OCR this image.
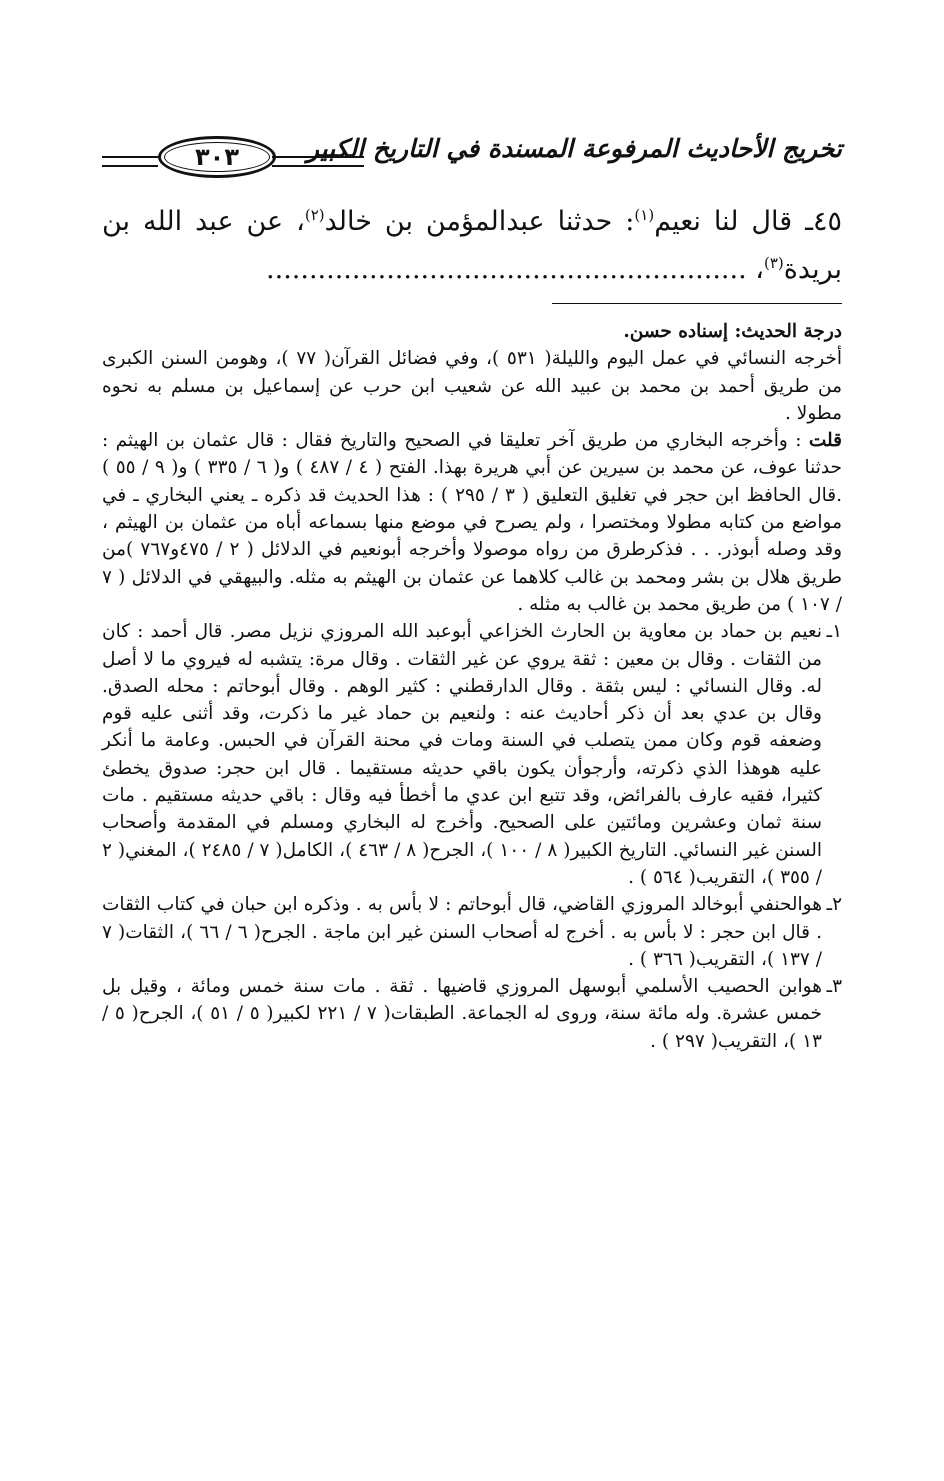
تخريج الأحاديث المرفوعة المسندة في التاريخ الكبير
٣٠٣
٤٥ـ قال لنا نعيم$^{(١)}$: حدثنا عبدالمؤمن بن خالد$^{(٢)}$، عن عبد الله بن بريدة$^{(٣)}$، ........................................................

درجة الحديث: إسناده حسن.

أخرجه النسائي في عمل اليوم والليلة( ٥٣١ )، وفي فضائل القرآن( ٧٧ )، وهومن السنن الكبرى من طريق أحمد بن محمد بن عبيد الله عن شعيب ابن حرب عن إسماعيل بن مسلم به نحوه مطولا .

قلت : وأخرجه البخاري من طريق آخر تعليقا في الصحيح والتاريخ فقال : قال عثمان بن الهيثم : حدثنا عوف، عن محمد بن سيرين عن أبي هريرة بهذا. الفتح ( ٤ / ٤٨٧ ) و( ٦ / ٣٣٥ ) و( ٩ / ٥٥ ) .قال الحافظ ابن حجر في تغليق التعليق ( ٣ / ٢٩٥ ) : هذا الحديث قد ذكره ـ يعني البخاري ـ في مواضع من كتابه مطولا ومختصرا ، ولم يصرح في موضع منها بسماعه أباه من عثمان بن الهيثم ، وقد وصله أبوذر. . . فذكرطرق من رواه موصولا وأخرجه أبونعيم في الدلائل ( ٢ / ٤٧٥و٧٦٧ )من طريق هلال بن بشر ومحمد بن غالب كلاهما عن عثمان بن الهيثم به مثله. والبيهقي في الدلائل ( ٧ / ١٠٧ ) من طريق محمد بن غالب به مثله .

١ـ
نعيم بن حماد بن معاوية بن الحارث الخزاعي أبوعبد الله المروزي نزيل مصر. قال أحمد : كان من الثقات . وقال بن معين : ثقة يروي عن غير الثقات . وقال مرة: يتشبه له فيروي ما لا أصل له. وقال النسائي : ليس بثقة . وقال الدارقطني : كثير الوهم . وقال أبوحاتم : محله الصدق. وقال بن عدي بعد أن ذكر أحاديث عنه : ولنعيم بن حماد غير ما ذكرت، وقد أثنى عليه قوم وضعفه قوم وكان ممن يتصلب في السنة ومات في محنة القرآن في الحبس. وعامة ما أنكر عليه هوهذا الذي ذكرته، وأرجوأن يكون باقي حديثه مستقيما . قال ابن حجر: صدوق يخطئ كثيرا، فقيه عارف بالفرائض، وقد تتبع ابن عدي ما أخطأ فيه وقال : باقي حديثه مستقيم . مات سنة ثمان وعشرين ومائتين على الصحيح. وأخرج له البخاري ومسلم في المقدمة وأصحاب السنن غير النسائي. التاريخ الكبير( ٨ / ١٠٠ )، الجرح( ٨ / ٤٦٣ )، الكامل( ٧ / ٢٤٨٥ )، المغني( ٢ / ٣٥٥ )، التقريب( ٥٦٤ ) .

٢ـ
هوالحنفي أبوخالد المروزي القاضي، قال أبوحاتم : لا بأس به . وذكره ابن حبان في كتاب الثقات . قال ابن حجر : لا بأس به . أخرج له أصحاب السنن غير ابن ماجة . الجرح( ٦ / ٦٦ )، الثقات( ٧ / ١٣٧ )، التقريب( ٣٦٦ ) .

٣ـ
هوابن الحصيب الأسلمي أبوسهل المروزي قاضيها . ثقة . مات سنة خمس ومائة ، وقيل بل خمس عشرة. وله مائة سنة، وروى له الجماعة. الطبقات( ٧ / ٢٢١ لكبير( ٥ / ٥١ )، الجرح( ٥ / ١٣ )، التقريب( ٢٩٧ ) .
